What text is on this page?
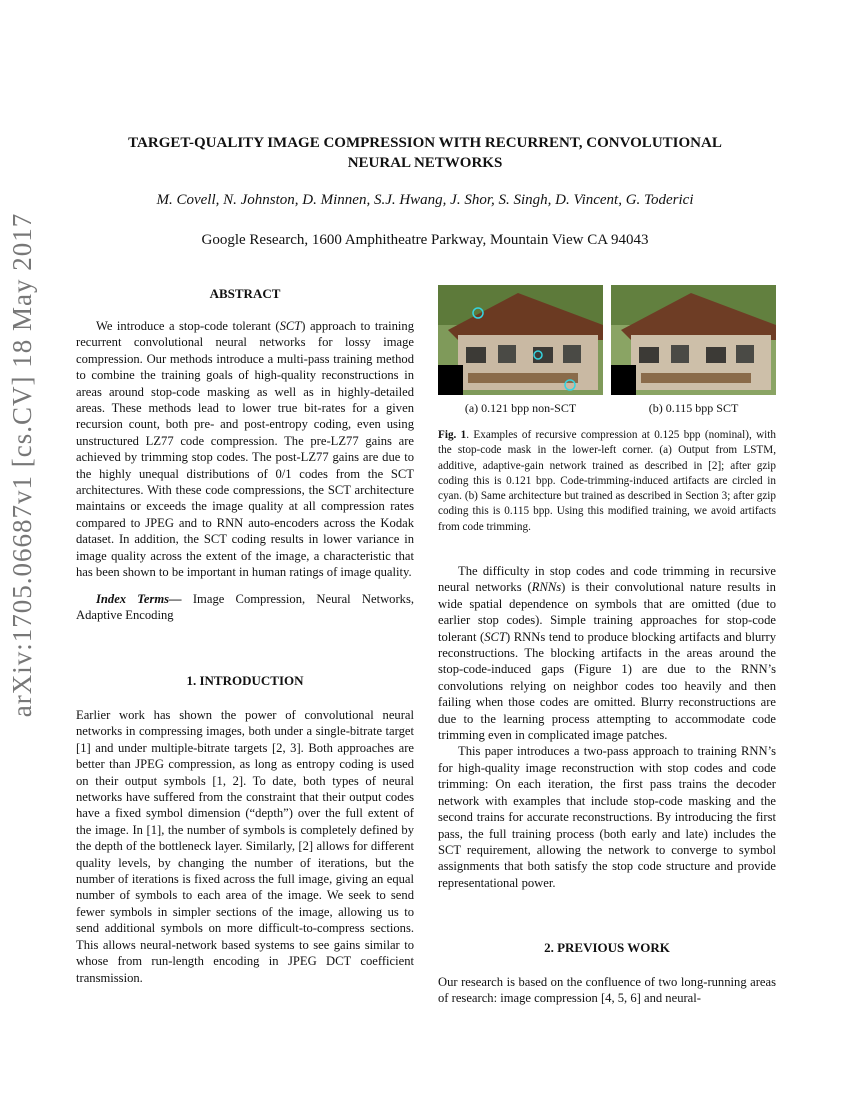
arXiv:1705.06687v1 [cs.CV] 18 May 2017
TARGET-QUALITY IMAGE COMPRESSION WITH RECURRENT, CONVOLUTIONAL
NEURAL NETWORKS
M. Covell, N. Johnston, D. Minnen, S.J. Hwang, J. Shor, S. Singh, D. Vincent, G. Toderici
Google Research, 1600 Amphitheatre Parkway, Mountain View CA 94043
ABSTRACT

We introduce a stop-code tolerant (SCT) approach to training recurrent convolutional neural networks for lossy image compression. Our methods introduce a multi-pass training method to combine the training goals of high-quality reconstructions in areas around stop-code masking as well as in highly-detailed areas. These methods lead to lower true bit-rates for a given recursion count, both pre- and post-entropy coding, even using unstructured LZ77 code compression. The pre-LZ77 gains are achieved by trimming stop codes. The post-LZ77 gains are due to the highly unequal distributions of 0/1 codes from the SCT architectures. With these code compressions, the SCT architecture maintains or exceeds the image quality at all compression rates compared to JPEG and to RNN auto-encoders across the Kodak dataset. In addition, the SCT coding results in lower variance in image quality across the extent of the image, a characteristic that has been shown to be important in human ratings of image quality.

Index Terms— Image Compression, Neural Networks, Adaptive Encoding

1. INTRODUCTION

Earlier work has shown the power of convolutional neural networks in compressing images, both under a single-bitrate target [1] and under multiple-bitrate targets [2, 3]. Both approaches are better than JPEG compression, as long as entropy coding is used on their output symbols [1, 2]. To date, both types of neural networks have suffered from the constraint that their output codes have a fixed symbol dimension (“depth”) over the full extent of the image. In [1], the number of symbols is completely defined by the depth of the bottleneck layer. Similarly, [2] allows for different quality levels, by changing the number of iterations, but the number of iterations is fixed across the full image, giving an equal number of symbols to each area of the image. We seek to send fewer symbols in simpler sections of the image, allowing us to send additional symbols on more difficult-to-compress sections. This allows neural-network based systems to see gains similar to whose from run-length encoding in JPEG DCT coefficient transmission.

(a) 0.121 bpp non-SCT	(b) 0.115 bpp SCT
Fig. 1. Examples of recursive compression at 0.125 bpp (nominal), with the stop-code mask in the lower-left corner. (a) Output from LSTM, additive, adaptive-gain network trained as described in [2]; after gzip coding this is 0.121 bpp. Code-trimming-induced artifacts are circled in cyan. (b) Same architecture but trained as described in Section 3; after gzip coding this is 0.115 bpp. Using this modified training, we avoid artifacts from code trimming.

The difficulty in stop codes and code trimming in recursive neural networks (RNNs) is their convolutional nature results in wide spatial dependence on symbols that are omitted (due to earlier stop codes). Simple training approaches for stop-code tolerant (SCT) RNNs tend to produce blocking artifacts and blurry reconstructions. The blocking artifacts in the areas around the stop-code-induced gaps (Figure 1) are due to the RNN’s convolutions relying on neighbor codes too heavily and then failing when those codes are omitted. Blurry reconstructions are due to the learning process attempting to accommodate code trimming even in complicated image patches.

This paper introduces a two-pass approach to training RNN’s for high-quality image reconstruction with stop codes and code trimming: On each iteration, the first pass trains the decoder network with examples that include stop-code masking and the second trains for accurate reconstructions. By introducing the first pass, the full training process (both early and late) includes the SCT requirement, allowing the network to converge to symbol assignments that both satisfy the stop code structure and provide representational power.

2. PREVIOUS WORK

Our research is based on the confluence of two long-running areas of research: image compression [4, 5, 6] and neural-
